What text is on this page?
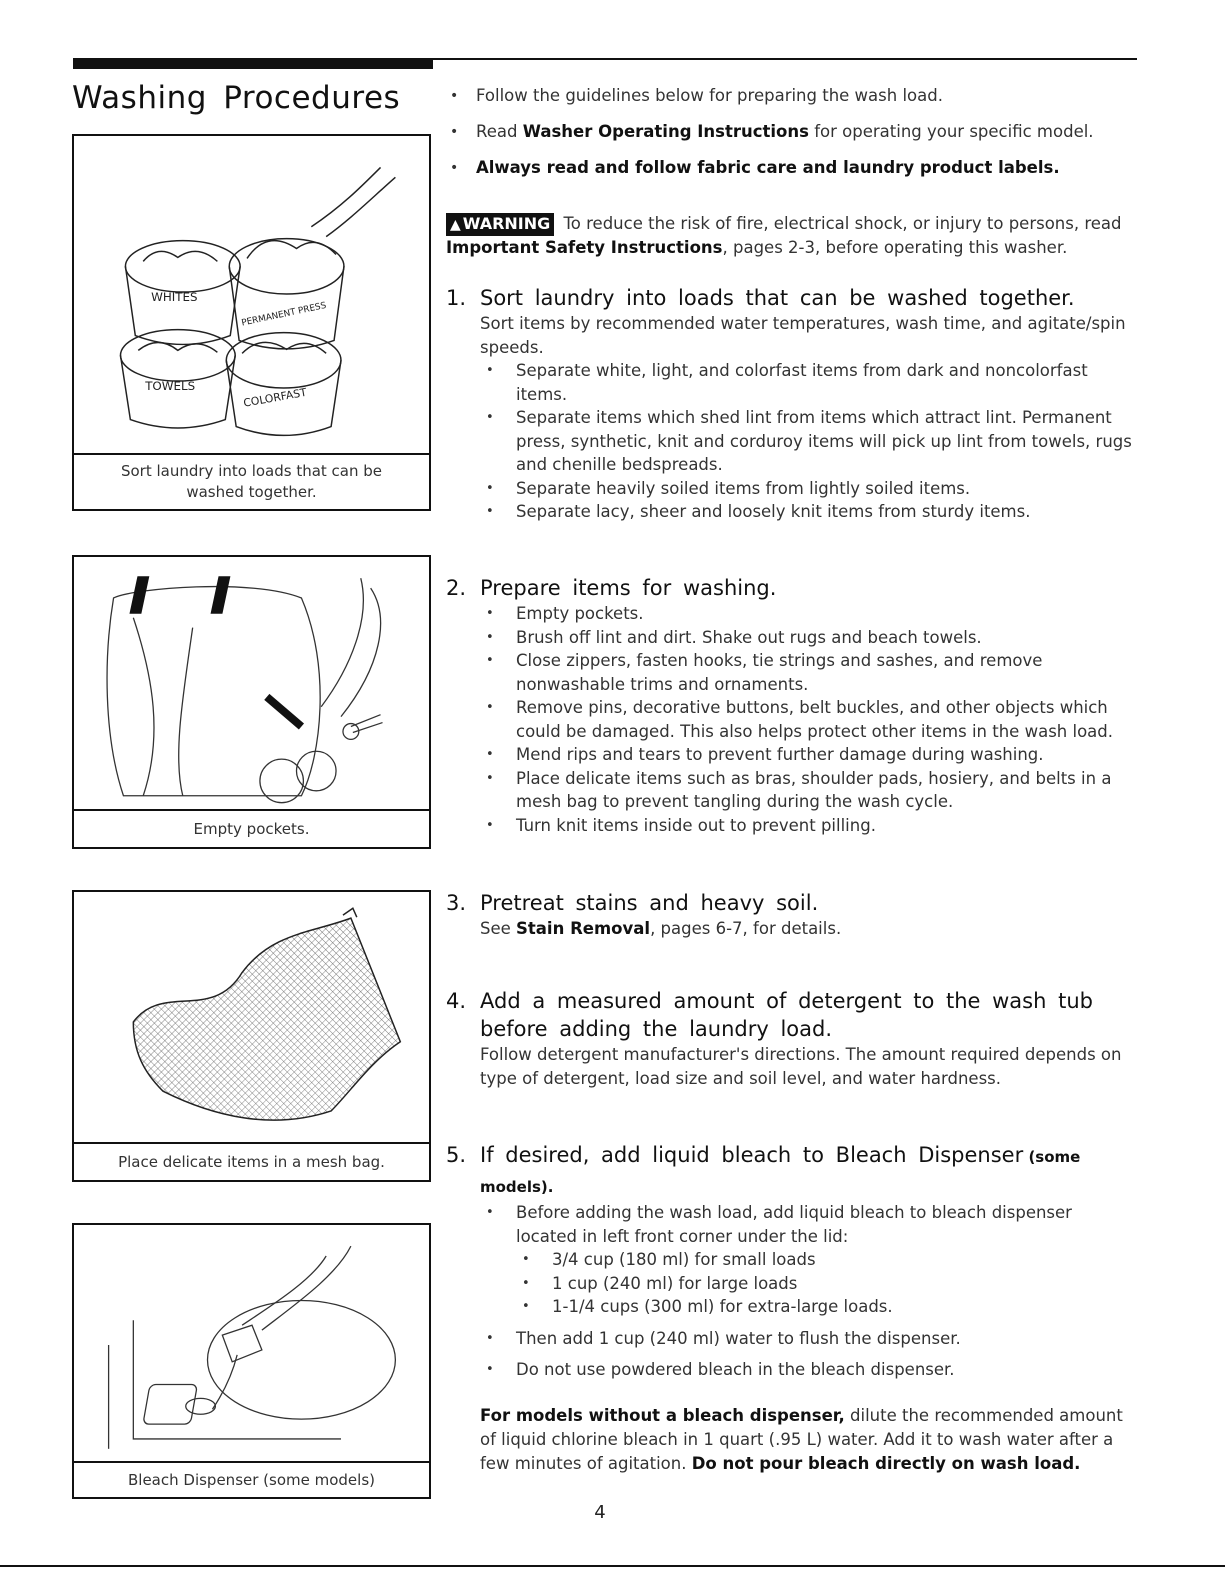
Washing Procedures
WHITES
PERMANENT PRESS
TOWELS	COLORFAST
Sort laundry into loads that can be washed together.
Empty pockets.
Place delicate items in a mesh bag.
Bleach Dispenser (some models)
• Follow the guidelines below for preparing the wash load.
• Read Washer Operating Instructions for operating your specific model.
• Always read and follow fabric care and laundry product labels.
▲ WARNING To reduce the risk of fire, electrical shock, or injury to persons, read Important Safety Instructions, pages 2-3, before operating this washer.
1. Sort laundry into loads that can be washed together.

Sort items by recommended water temperatures, wash time, and agitate/spin speeds.

• Separate white, light, and colorfast items from dark and noncolorfast items.
• Separate items which shed lint from items which attract lint. Permanent press, synthetic, knit and corduroy items will pick up lint from towels, rugs and chenille bedspreads.
• Separate heavily soiled items from lightly soiled items.
• Separate lacy, sheer and loosely knit items from sturdy items.
2. Prepare items for washing.
• Empty pockets.
• Brush off lint and dirt. Shake out rugs and beach towels.
• Close zippers, fasten hooks, tie strings and sashes, and remove nonwashable trims and ornaments.
• Remove pins, decorative buttons, belt buckles, and other objects which could be damaged. This also helps protect other items in the wash load.
• Mend rips and tears to prevent further damage during washing.
• Place delicate items such as bras, shoulder pads, hosiery, and belts in a mesh bag to prevent tangling during the wash cycle.
• Turn knit items inside out to prevent pilling.
3. Pretreat stains and heavy soil.

See Stain Removal, pages 6-7, for details.

4. Add a measured amount of detergent to the wash tub before adding the laundry load.

Follow detergent manufacturer's directions. The amount required depends on type of detergent, load size and soil level, and water hardness.

5. If desired, add liquid bleach to Bleach Dispenser (some models).
• Before adding the wash load, add liquid bleach to bleach dispenser located in left front corner under the lid:
• 3/4 cup (180 ml) for small loads
• 1 cup (240 ml) for large loads
• 1-1/4 cups (300 ml) for extra-large loads.
• Then add 1 cup (240 ml) water to flush the dispenser.
• Do not use powdered bleach in the bleach dispenser.

For models without a bleach dispenser, dilute the recommended amount of liquid chlorine bleach in 1 quart (.95 L) water. Add it to wash water after a few minutes of agitation. Do not pour bleach directly on wash load.

4
